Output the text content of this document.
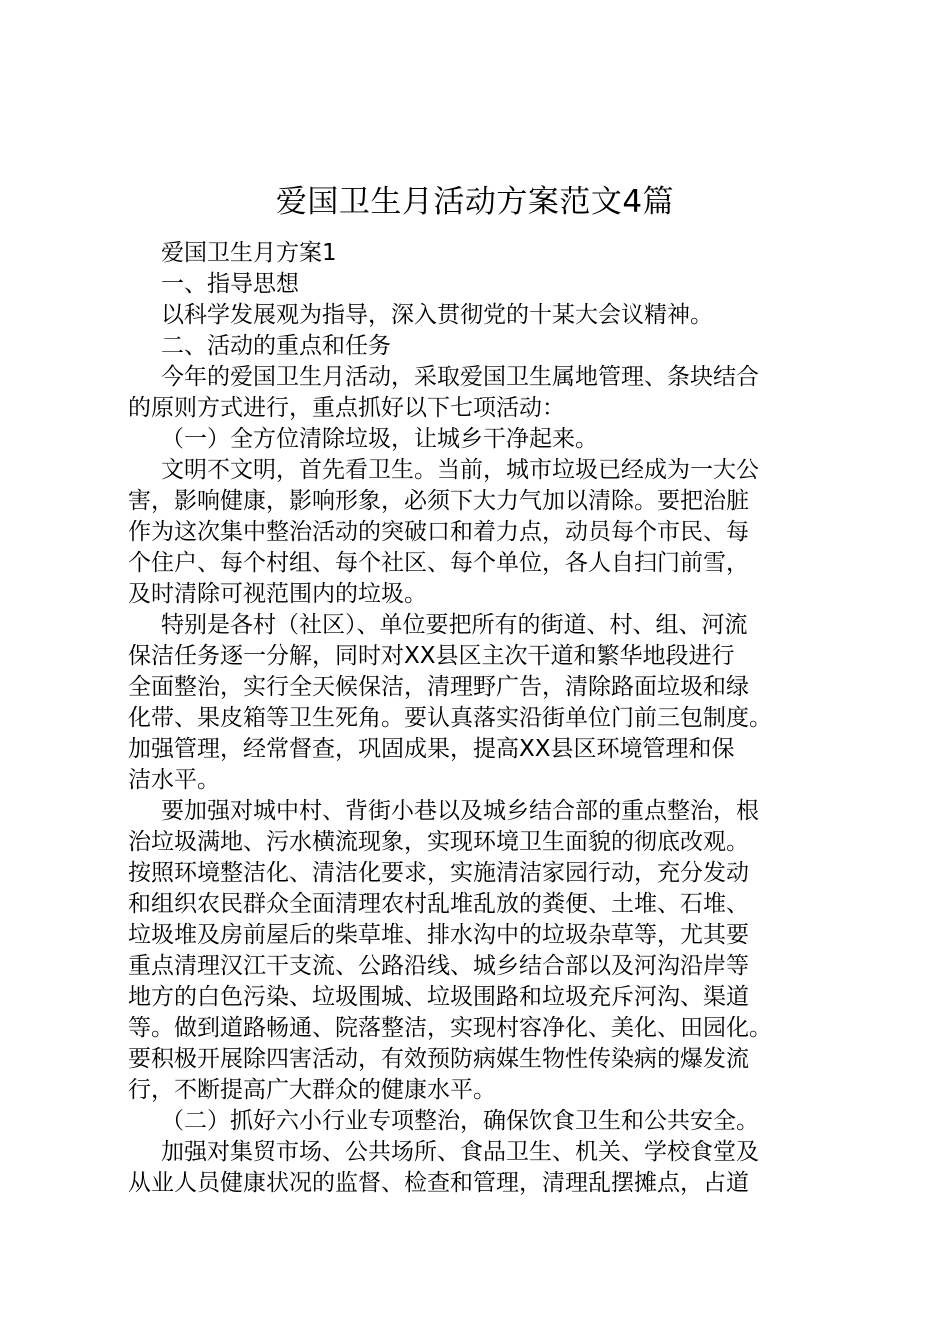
爱国卫生月活动方案范文4篇
爱国卫生月方案1
一、指导思想
以科学发展观为指导，深入贯彻党的十某大会议精神。
二、活动的重点和任务
今年的爱国卫生月活动，采取爱国卫生属地管理、条块结合
的原则方式进行，重点抓好以下七项活动：
（一）全方位清除垃圾，让城乡干净起来。
文明不文明，首先看卫生。当前，城市垃圾已经成为一大公
害，影响健康，影响形象，必须下大力气加以清除。要把治脏
作为这次集中整治活动的突破口和着力点，动员每个市民、每
个住户、每个村组、每个社区、每个单位，各人自扫门前雪，
及时清除可视范围内的垃圾。
特别是各村（社区）、单位要把所有的街道、村、组、河流
保洁任务逐一分解，同时对XX县区主次干道和繁华地段进行
全面整治，实行全天候保洁，清理野广告，清除路面垃圾和绿
化带、果皮箱等卫生死角。要认真落实沿街单位门前三包制度。
加强管理，经常督查，巩固成果，提高XX县区环境管理和保
洁水平。
要加强对城中村、背街小巷以及城乡结合部的重点整治，根
治垃圾满地、污水横流现象，实现环境卫生面貌的彻底改观。
按照环境整洁化、清洁化要求，实施清洁家园行动，充分发动
和组织农民群众全面清理农村乱堆乱放的粪便、土堆、石堆、
垃圾堆及房前屋后的柴草堆、排水沟中的垃圾杂草等，尤其要
重点清理汉江干支流、公路沿线、城乡结合部以及河沟沿岸等
地方的白色污染、垃圾围城、垃圾围路和垃圾充斥河沟、渠道
等。做到道路畅通、院落整洁，实现村容净化、美化、田园化。
要积极开展除四害活动，有效预防病媒生物性传染病的爆发流
行，不断提高广大群众的健康水平。
（二）抓好六小行业专项整治，确保饮食卫生和公共安全。
加强对集贸市场、公共场所、食品卫生、机关、学校食堂及
从业人员健康状况的监督、检查和管理，清理乱摆摊点，占道
